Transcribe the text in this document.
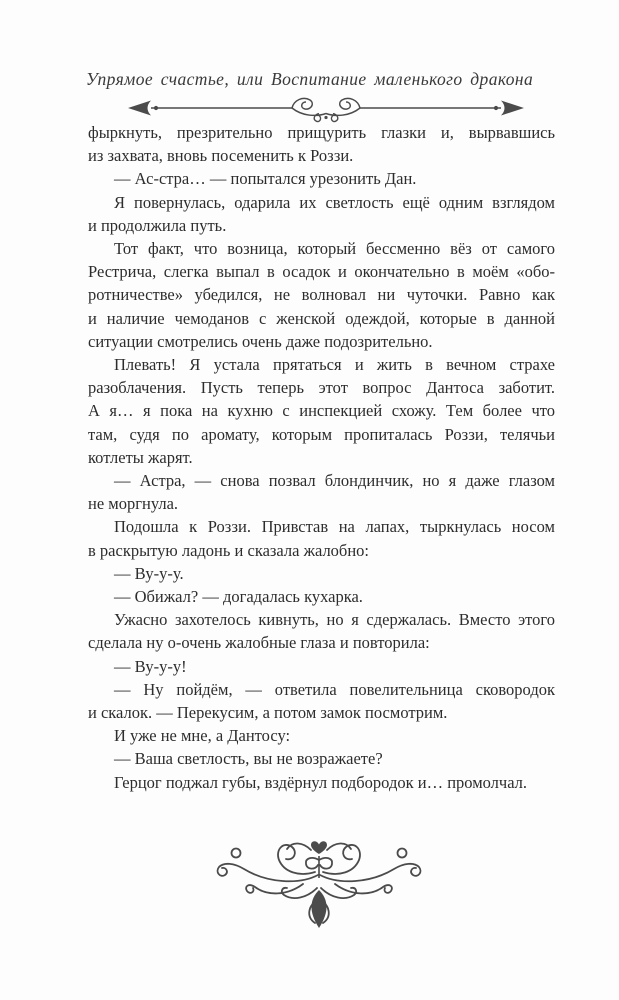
Упрямое счастье, или Воспитание маленького дракона
фыркнуть, презрительно прищурить глазки и, вырвавшись
из захвата, вновь посеменить к Роззи.
— Ас-стра… — попытался урезонить Дан.
Я повернулась, одарила их светлость ещё одним взглядом
и продолжила путь.
Тот факт, что возница, который бессменно вёз от самого
Рестрича, слегка выпал в осадок и окончательно в моём «обо-
ротничестве» убедился, не волновал ни чуточки. Равно как
и наличие чемоданов с женской одеждой, которые в данной
ситуации смотрелись очень даже подозрительно.
Плевать! Я устала прятаться и жить в вечном страхе
разоблачения. Пусть теперь этот вопрос Дантоса заботит.
А я… я пока на кухню с инспекцией схожу. Тем более что
там, судя по аромату, которым пропиталась Роззи, телячьи
котлеты жарят.
— Астра, — снова позвал блондинчик, но я даже глазом
не моргнула.
Подошла к Роззи. Привстав на лапах, тыркнулась носом
в раскрытую ладонь и сказала жалобно:
— Ву-у-у.
— Обижал? — догадалась кухарка.
Ужасно захотелось кивнуть, но я сдержалась. Вместо этого
сделала ну о-очень жалобные глаза и повторила:
— Ву-у-у!
— Ну пойдём, — ответила повелительница сковородок
и скалок. — Перекусим, а потом замок посмотрим.
И уже не мне, а Дантосу:
— Ваша светлость, вы не возражаете?
Герцог поджал губы, вздёрнул подбородок и… промолчал.
